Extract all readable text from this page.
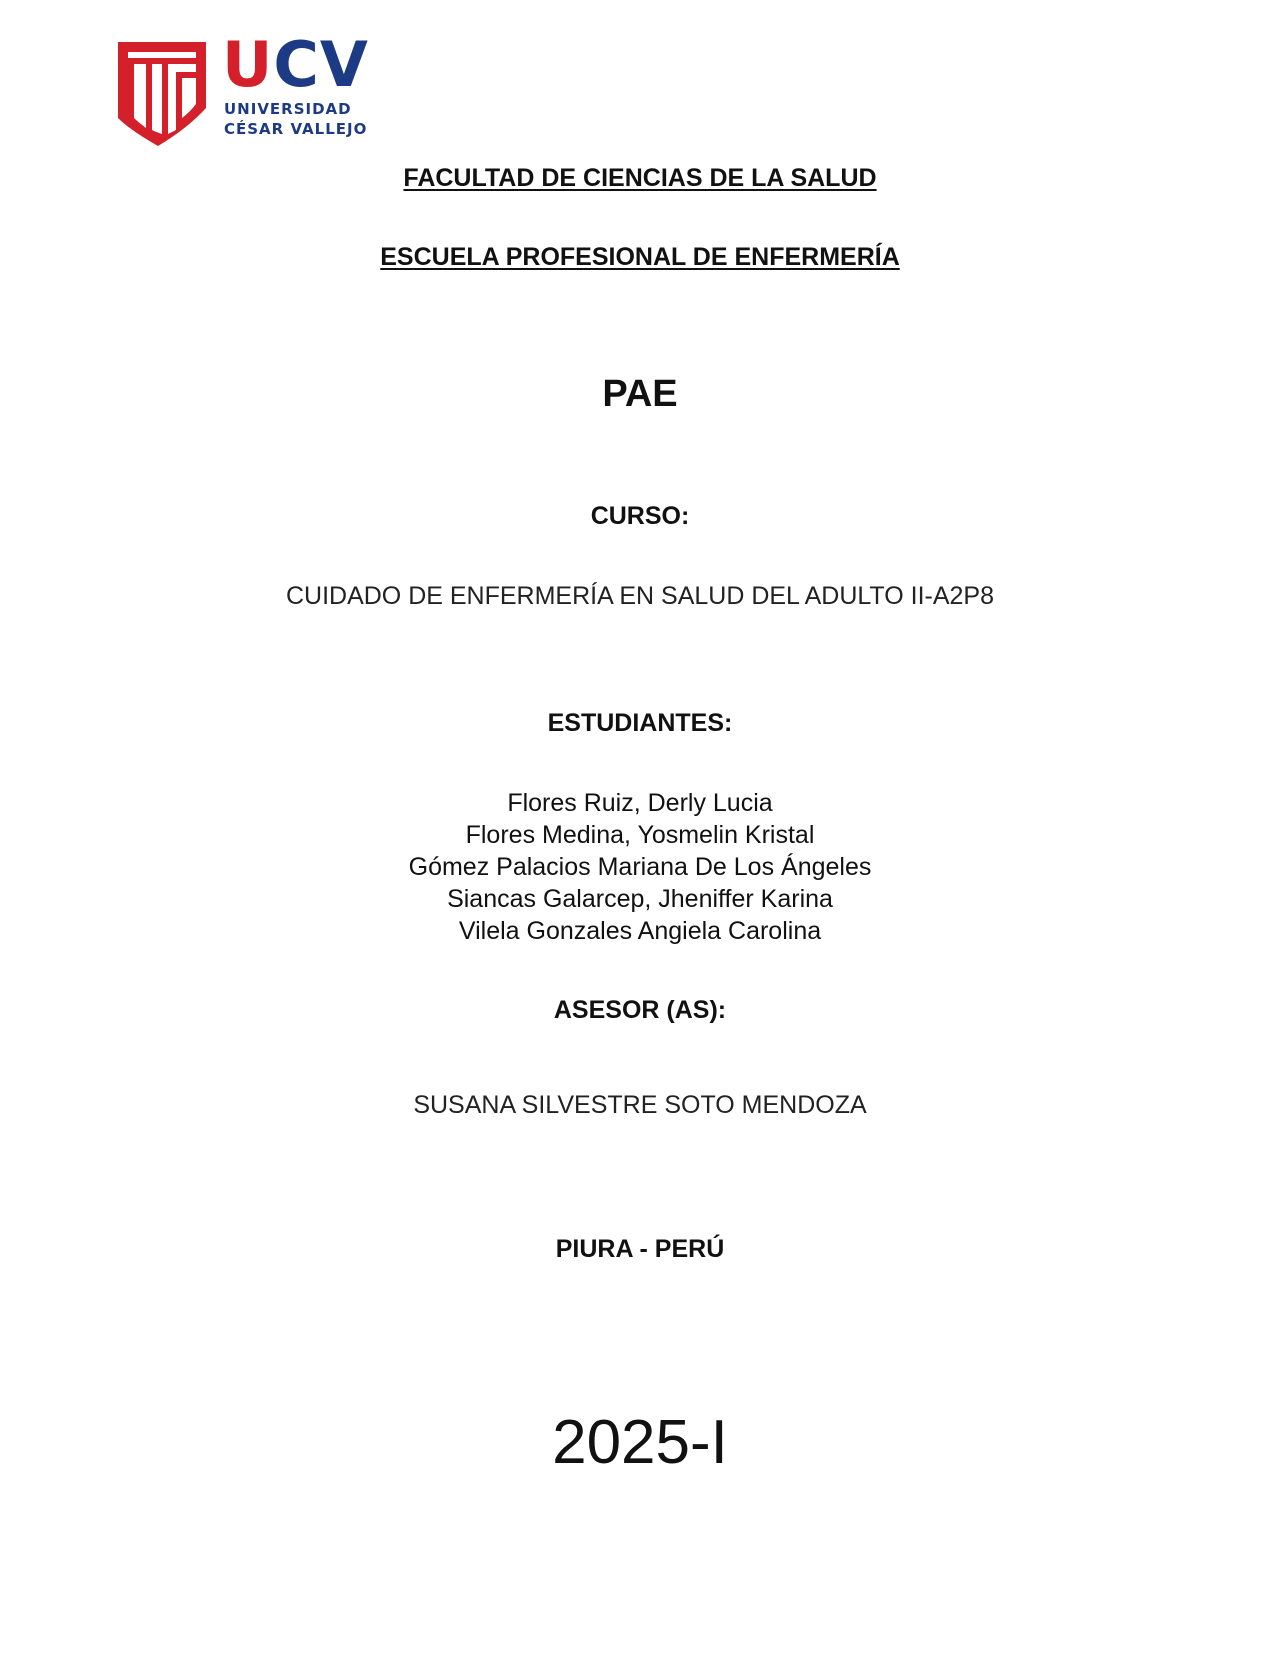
UCV
UNIVERSIDAD
CÉSAR VALLEJO
FACULTAD DE CIENCIAS DE LA SALUD
ESCUELA PROFESIONAL DE ENFERMERÍA
PAE
CURSO:
CUIDADO DE ENFERMERÍA EN SALUD DEL ADULTO II-A2P8
ESTUDIANTES:
Flores Ruiz, Derly Lucia
Flores Medina, Yosmelin Kristal
Gómez Palacios Mariana De Los Ángeles
Siancas Galarcep, Jheniffer Karina
Vilela Gonzales Angiela Carolina
ASESOR (AS):
SUSANA SILVESTRE SOTO MENDOZA
PIURA - PERÚ
2025-I
